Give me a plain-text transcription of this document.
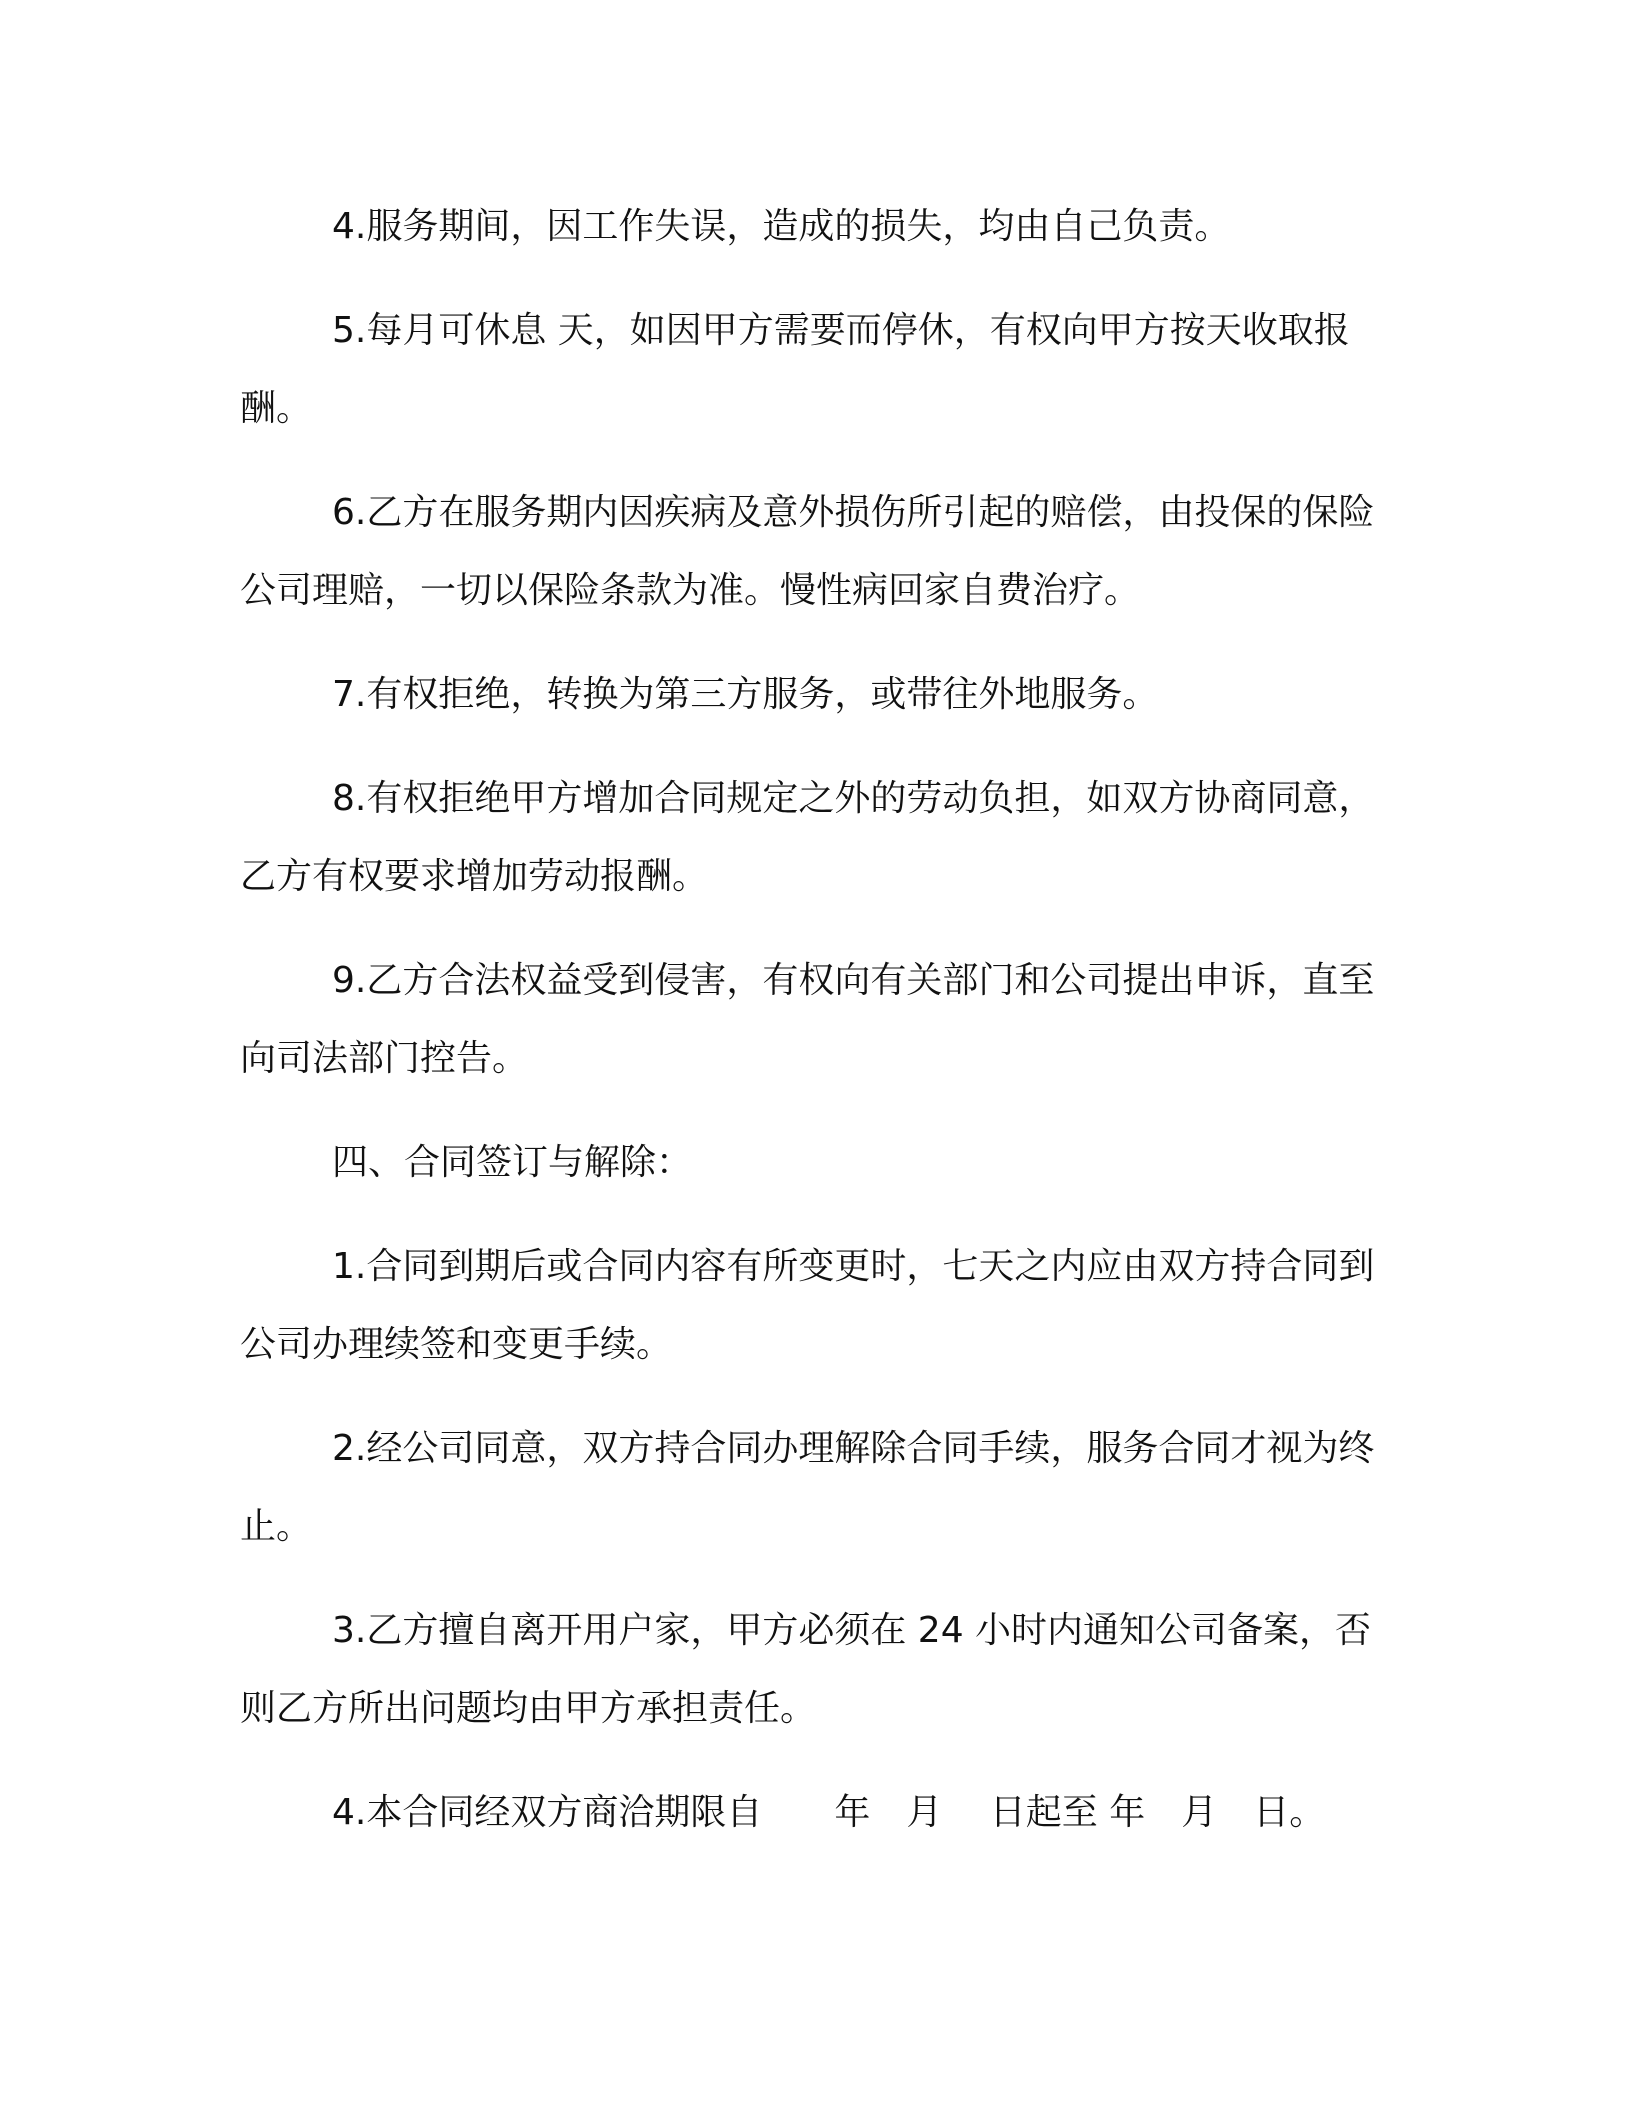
4.服务期间，因工作失误，造成的损失，均由自己负责。

5.每月可休息 天，如因甲方需要而停休，有权向甲方按天收取报酬。

6.乙方在服务期内因疾病及意外损伤所引起的赔偿，由投保的保险公司理赔，一切以保险条款为准。慢性病回家自费治疗。

7.有权拒绝，转换为第三方服务，或带往外地服务。

8.有权拒绝甲方增加合同规定之外的劳动负担，如双方协商同意，乙方有权要求增加劳动报酬。

9.乙方合法权益受到侵害，有权向有关部门和公司提出申诉，直至向司法部门控告。

四、合同签订与解除：

1.合同到期后或合同内容有所变更时，七天之内应由双方持合同到公司办理续签和变更手续。

2.经公司同意，双方持合同办理解除合同手续，服务合同才视为终止。

3.乙方擅自离开用户家，甲方必须在 24 小时内通知公司备案，否则乙方所出问题均由甲方承担责任。

4.本合同经双方商洽期限自　　年　月　 日起至 年　月　日。
